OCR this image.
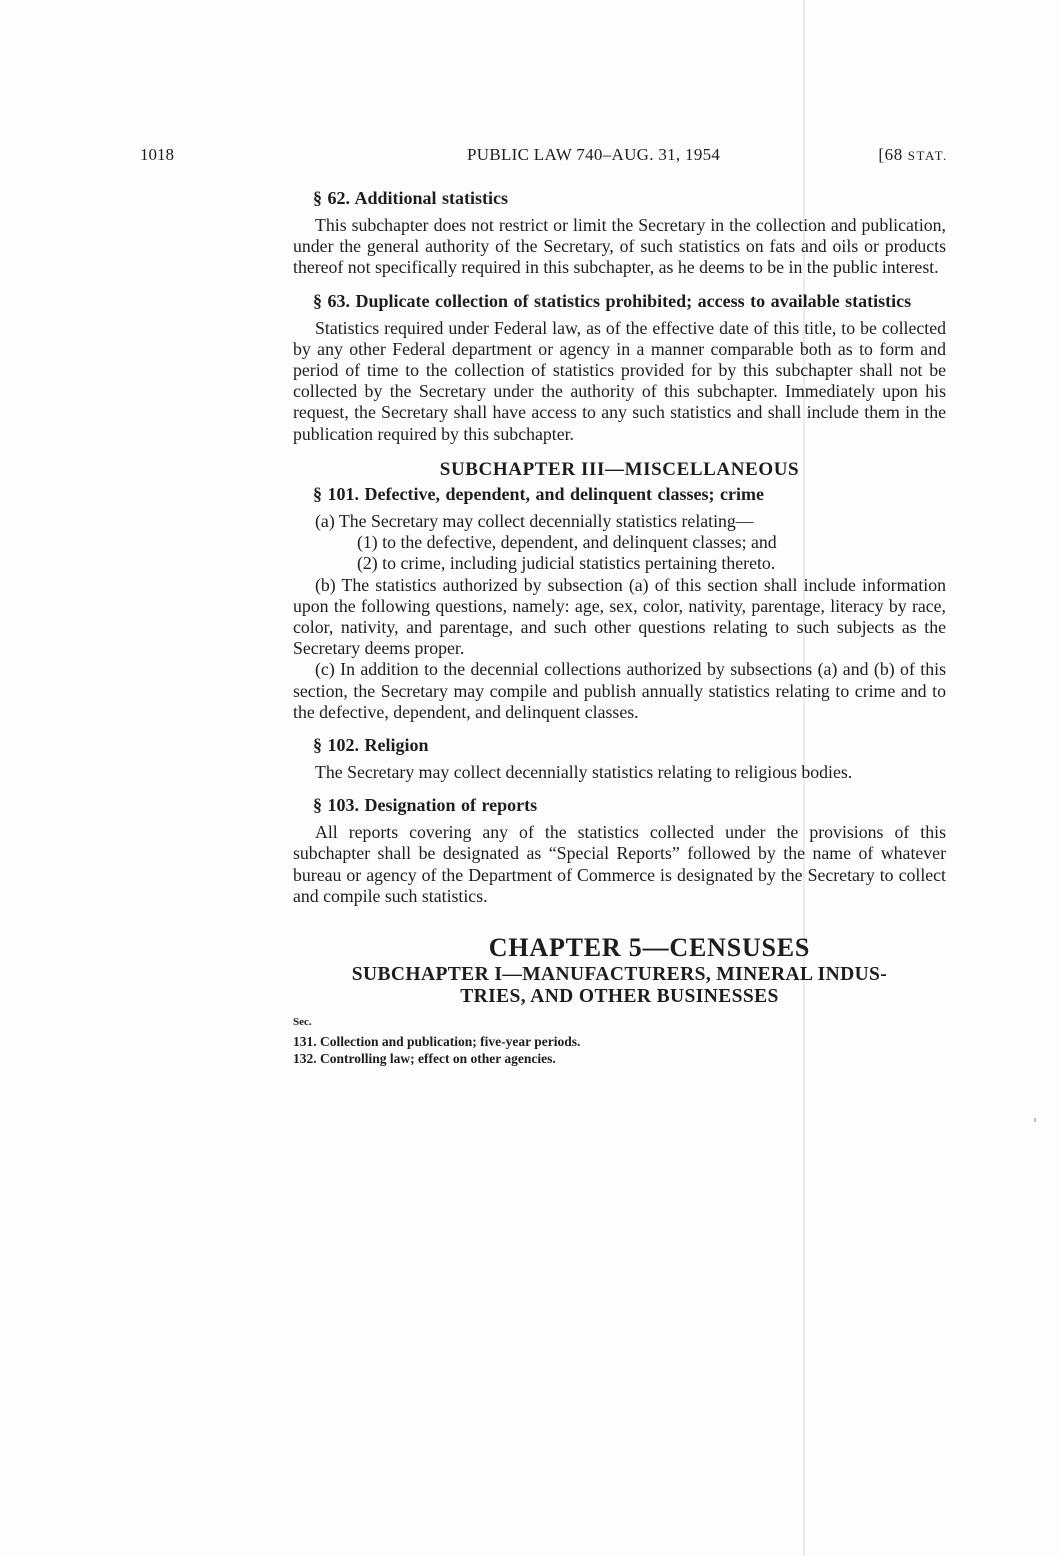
1018	PUBLIC LAW 740–AUG. 31, 1954	[68 STAT.
§ 62. Additional statistics

This subchapter does not restrict or limit the Secretary in the collection and publication, under the general authority of the Secretary, of such statistics on fats and oils or products thereof not specifically required in this subchapter, as he deems to be in the public interest.

§ 63. Duplicate collection of statistics prohibited; access to available statistics

Statistics required under Federal law, as of the effective date of this title, to be collected by any other Federal department or agency in a manner comparable both as to form and period of time to the collection of statistics provided for by this subchapter shall not be collected by the Secretary under the authority of this subchapter. Immediately upon his request, the Secretary shall have access to any such statistics and shall include them in the publication required by this subchapter.

SUBCHAPTER III—MISCELLANEOUS
§ 101. Defective, dependent, and delinquent classes; crime

(a) The Secretary may collect decennially statistics relating—

(1) to the defective, dependent, and delinquent classes; and

(2) to crime, including judicial statistics pertaining thereto.

(b) The statistics authorized by subsection (a) of this section shall include information upon the following questions, namely: age, sex, color, nativity, parentage, literacy by race, color, nativity, and parentage, and such other questions relating to such subjects as the Secretary deems proper.

(c) In addition to the decennial collections authorized by subsections (a) and (b) of this section, the Secretary may compile and publish annually statistics relating to crime and to the defective, dependent, and delinquent classes.

§ 102. Religion

The Secretary may collect decennially statistics relating to religious bodies.

§ 103. Designation of reports

All reports covering any of the statistics collected under the provisions of this subchapter shall be designated as “Special Reports” followed by the name of whatever bureau or agency of the Department of Commerce is designated by the Secretary to collect and compile such statistics.

CHAPTER 5—CENSUSES
SUBCHAPTER I—MANUFACTURERS, MINERAL INDUS-
TRIES, AND OTHER BUSINESSES
Sec.
131. Collection and publication; five-year periods.
132. Controlling law; effect on other agencies.
